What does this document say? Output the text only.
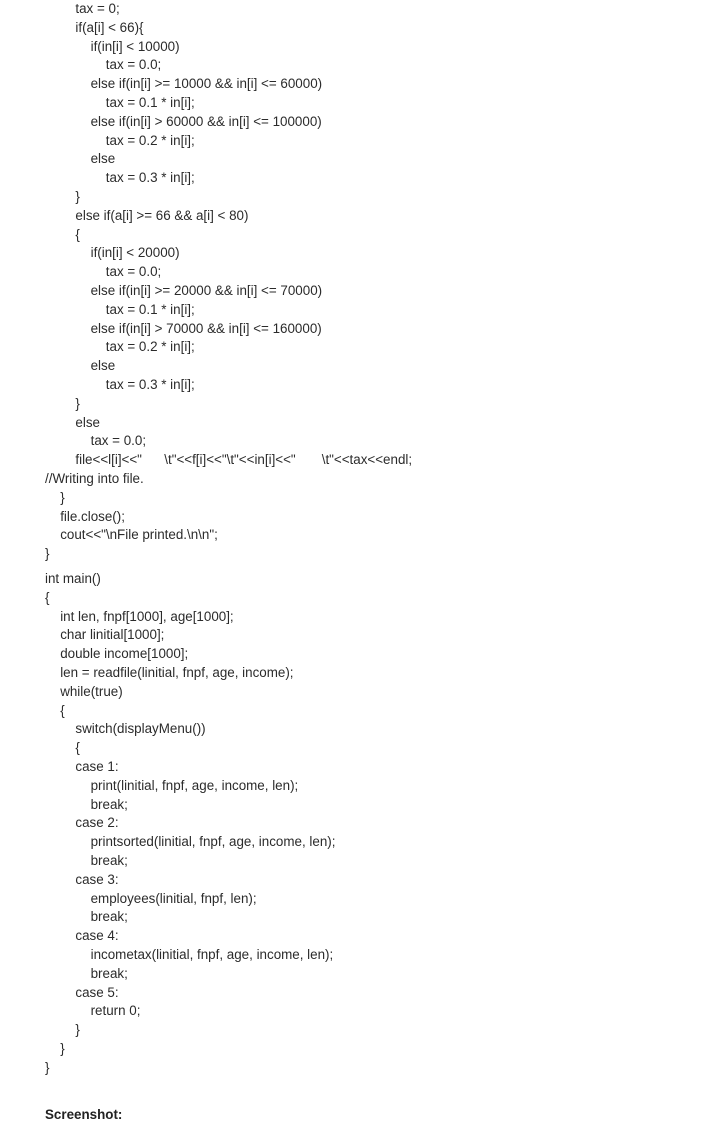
tax = 0;
if(a[i] < 66){
if(in[i] < 10000)
tax = 0.0;
else if(in[i] >= 10000 && in[i] <= 60000)
tax = 0.1 * in[i];
else if(in[i] > 60000 && in[i] <= 100000)
tax = 0.2 * in[i];
else
tax = 0.3 * in[i];
}
else if(a[i] >= 66 && a[i] < 80)
{
if(in[i] < 20000)
tax = 0.0;
else if(in[i] >= 20000 && in[i] <= 70000)
tax = 0.1 * in[i];
else if(in[i] > 70000 && in[i] <= 160000)
tax = 0.2 * in[i];
else
tax = 0.3 * in[i];
}
else
tax = 0.0;
file<<l[i]<<"      \t"<<f[i]<<"\t"<<in[i]<<"       \t"<<tax<<endl;
//Writing into file.
}
file.close();
cout<<"\nFile printed.\n\n";
}
int main()
{
int len, fnpf[1000], age[1000];
char linitial[1000];
double income[1000];
len = readfile(linitial, fnpf, age, income);
while(true)
{
switch(displayMenu())
{
case 1:
print(linitial, fnpf, age, income, len);
break;
case 2:
printsorted(linitial, fnpf, age, income, len);
break;
case 3:
employees(linitial, fnpf, len);
break;
case 4:
incometax(linitial, fnpf, age, income, len);
break;
case 5:
return 0;
}
}
}
Screenshot:
